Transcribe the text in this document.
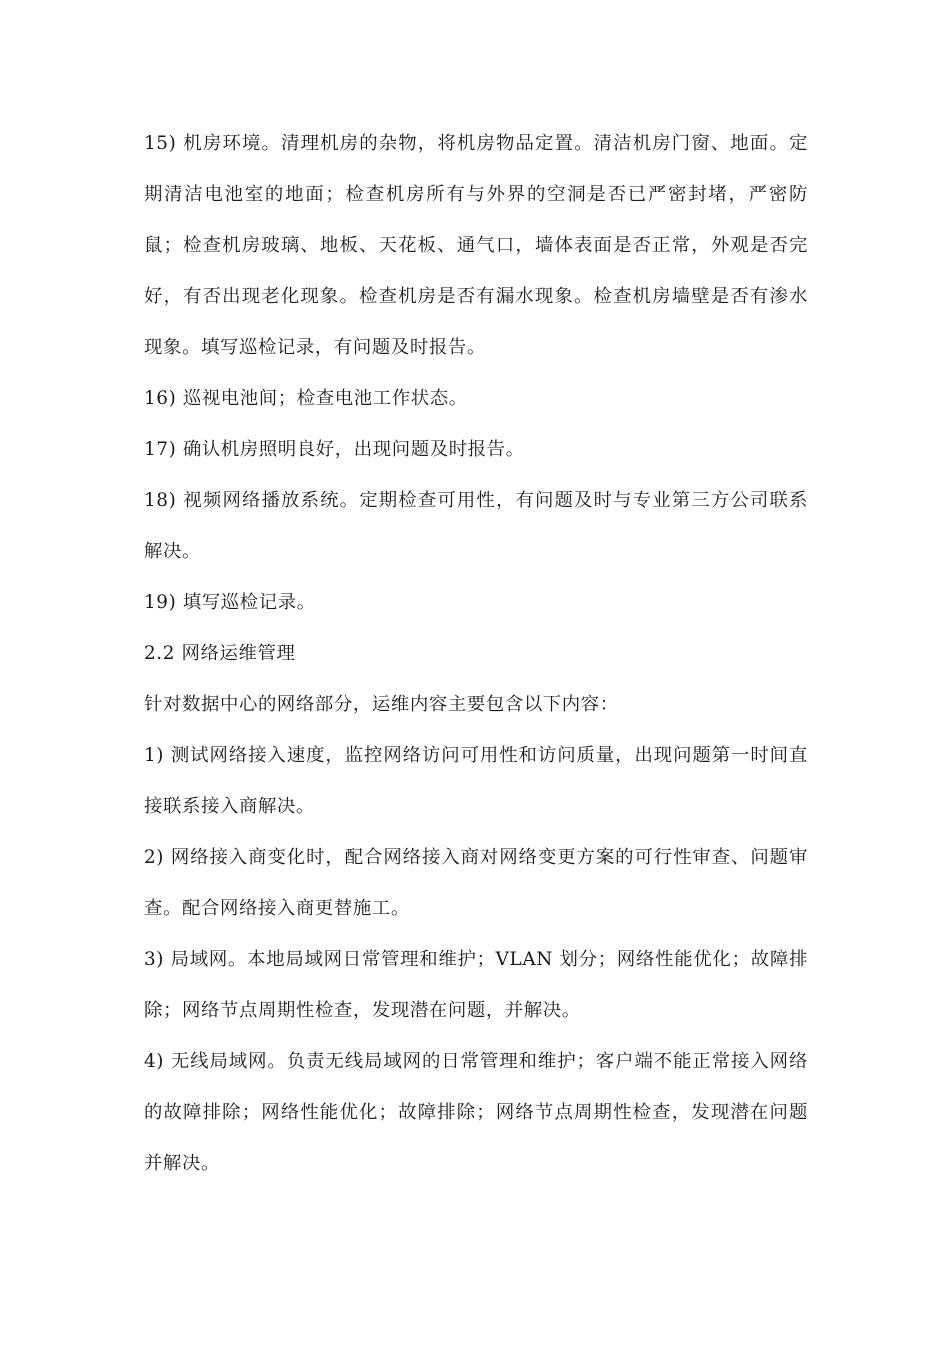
15) 机房环境。清理机房的杂物，将机房物品定置。清洁机房门窗、地面。定期清洁电池室的地面；检查机房所有与外界的空洞是否已严密封堵，严密防鼠；检查机房玻璃、地板、天花板、通气口，墙体表面是否正常，外观是否完好，有否出现老化现象。检查机房是否有漏水现象。检查机房墙壁是否有渗水现象。填写巡检记录，有问题及时报告。

16) 巡视电池间；检查电池工作状态。

17) 确认机房照明良好，出现问题及时报告。

18) 视频网络播放系统。定期检查可用性，有问题及时与专业第三方公司联系解决。

19) 填写巡检记录。

2.2 网络运维管理

针对数据中心的网络部分，运维内容主要包含以下内容：

1) 测试网络接入速度，监控网络访问可用性和访问质量，出现问题第一时间直接联系接入商解决。

2) 网络接入商变化时，配合网络接入商对网络变更方案的可行性审查、问题审查。配合网络接入商更替施工。

3) 局域网。本地局域网日常管理和维护；VLAN 划分；网络性能优化；故障排除；网络节点周期性检查，发现潜在问题，并解决。

4) 无线局域网。负责无线局域网的日常管理和维护；客户端不能正常接入网络的故障排除；网络性能优化；故障排除；网络节点周期性检查，发现潜在问题并解决。
